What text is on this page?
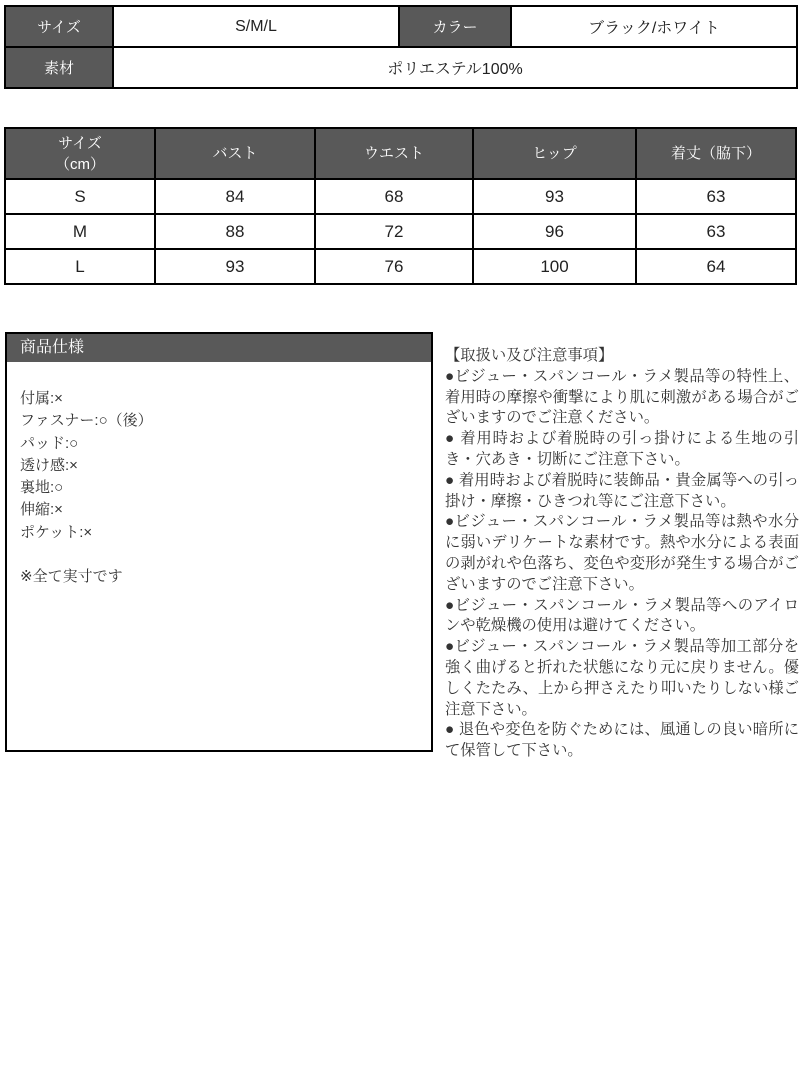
サイズ	S/M/L	カラー	ブラック/ホワイト
素材	ポリエステル100%		
サイズ
（cm）	バスト	ウエスト	ヒップ	着丈（脇下）
S	84	68	93	63
M	88	72	96	63
L	93	76	100	64
商品仕様
付属:×
ファスナー:○（後）
パッド:○
透け感:×
裏地:○
伸縮:×
ポケット:×
※全て実寸です

【取扱い及び注意事項】

●ビジュー・スパンコール・ラメ製品等の特性上、着用時の摩擦や衝撃により肌に刺激がある場合がございますのでご注意ください。

● 着用時および着脱時の引っ掛けによる生地の引き・穴あき・切断にご注意下さい。

● 着用時および着脱時に装飾品・貴金属等への引っ掛け・摩擦・ひきつれ等にご注意下さい。

●ビジュー・スパンコール・ラメ製品等は熱や水分に弱いデリケートな素材です。熱や水分による表面の剥がれや色落ち、変色や変形が発生する場合がございますのでご注意下さい。

●ビジュー・スパンコール・ラメ製品等へのアイロンや乾燥機の使用は避けてください。

●ビジュー・スパンコール・ラメ製品等加工部分を強く曲げると折れた状態になり元に戻りません。優しくたたみ、上から押さえたり叩いたりしない様ご注意下さい。

● 退色や変色を防ぐためには、風通しの良い暗所にて保管して下さい。
